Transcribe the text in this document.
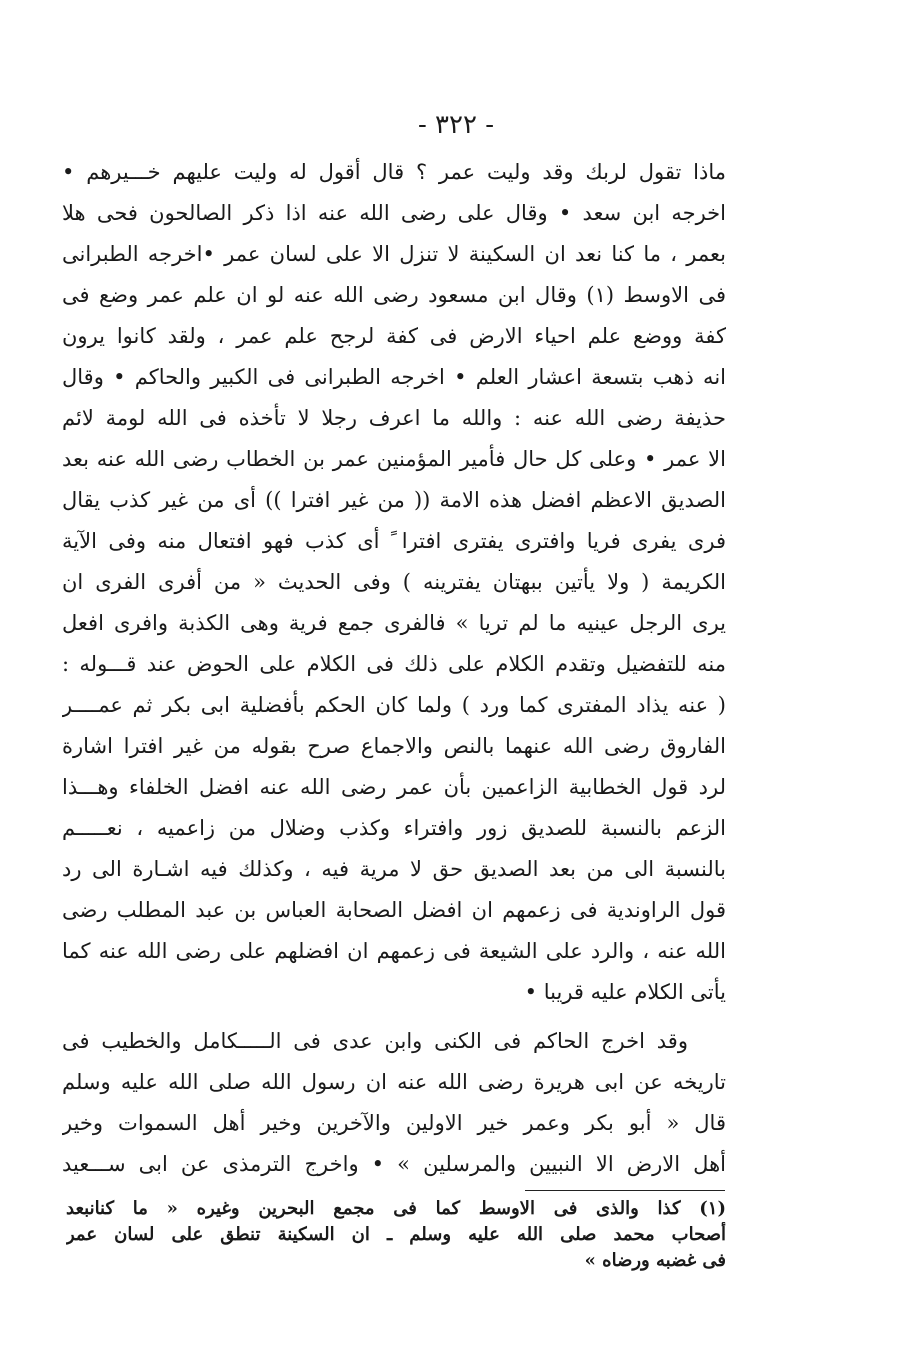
- ٣٢٢ -
ماذا تقول لربك وقد وليت عمر ؟ قال أقول له وليت عليهم خـــيرهم •
اخرجه ابن سعد • وقال على رضى الله عنه اذا ذكر الصالحون فحى هلا
بعمر ، ما كنا نعد ان السكينة لا تنزل الا على لسان عمر •اخرجه الطبرانى
فى الاوسط (١) وقال ابن مسعود رضى الله عنه لو ان علم عمر وضع فى
كفة ووضع علم احياء الارض فى كفة لرجح علم عمر ، ولقد كانوا يرون
انه ذهب بتسعة اعشار العلم • اخرجه الطبرانى فى الكبير والحاكم • وقال
حذيفة رضى الله عنه : والله ما اعرف رجلا لا تأخذه فى الله لومة لائم
الا عمر • وعلى كل حال فأمير المؤمنين عمر بن الخطاب رضى الله عنه بعد
الصديق الاعظم افضل هذه الامة (( من غير افترا )) أى من غير كذب يقال
فرى يفرى فريا وافترى يفترى افترا ً أى كذب فهو افتعال منه وفى الآية
الكريمة ( ولا يأتين ببهتان يفترينه ) وفى الحديث « من أفرى الفرى ان
يرى الرجل عينيه ما لم تريا » فالفرى جمع فرية وهى الكذبة وافرى افعل
منه للتفضيل وتقدم الكلام على ذلك فى الكلام على الحوض عند قـــوله :
( عنه يذاد المفترى كما ورد ) ولما كان الحكم بأفضلية ابى بكر ثم عمــــر
الفاروق رضى الله عنهما بالنص والاجماع صرح بقوله من غير افترا اشارة
لرد قول الخطابية الزاعمين بأن عمر رضى الله عنه افضل الخلفاء وهـــذا
الزعم بالنسبة للصديق زور وافتراء وكذب وضلال من زاعميه ، نعـــــم
بالنسبة الى من بعد الصديق حق لا مرية فيه ، وكذلك فيه اشـارة الى رد
قول الراوندية فى زعمهم ان افضل الصحابة العباس بن عبد المطلب رضى
الله عنه ، والرد على الشيعة فى زعمهم ان افضلهم على رضى الله عنه كما
يأتى الكلام عليه قريبا •
وقد اخرج الحاكم فى الكنى وابن عدى فى الـــــكامل والخطيب فى
تاريخه عن ابى هريرة رضى الله عنه ان رسول الله صلى الله عليه وسلم
قال « أبو بكر وعمر خير الاولين والآخرين وخير أهل السموات وخير
أهل الارض الا النبيين والمرسلين » • واخرج الترمذى عن ابى ســـعيد
(١) كذا والذى فى الاوسط كما فى مجمع البحرين وغيره « ما كنانبعد
أصحاب محمد صلى الله عليه وسلم ـ ان السكينة تنطق على لسان عمر
فى غضبه ورضاه »
